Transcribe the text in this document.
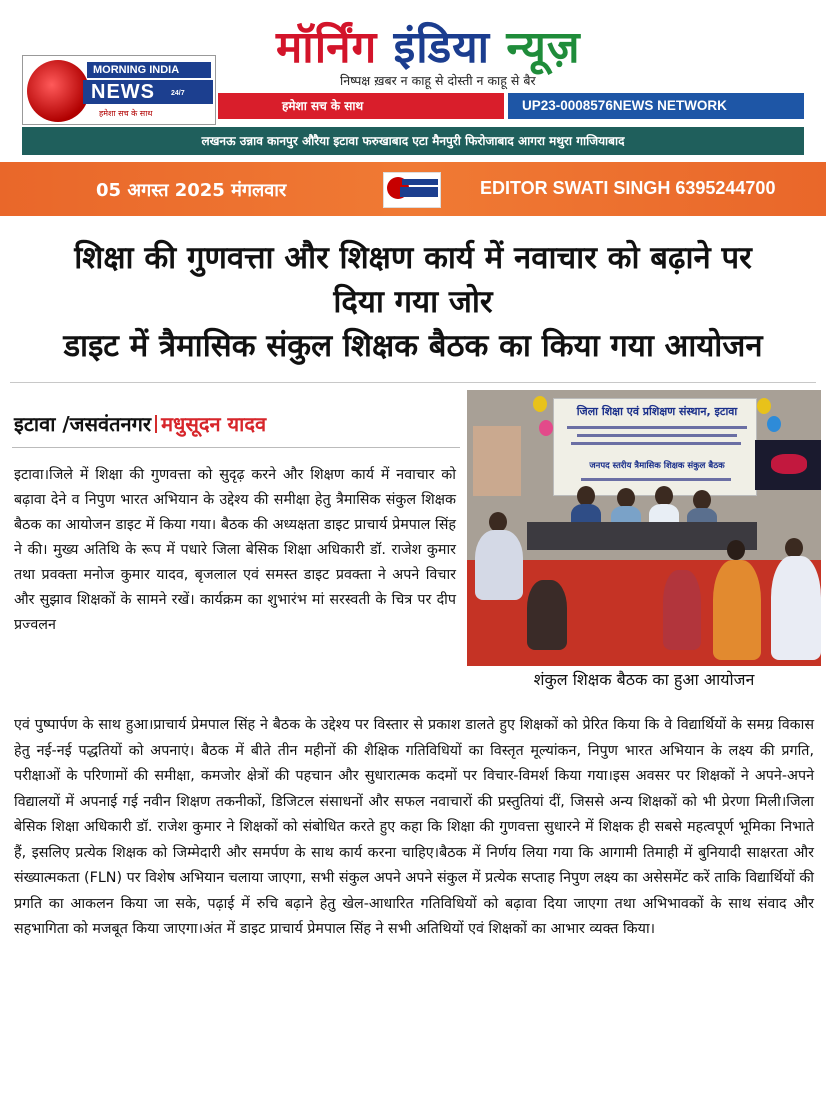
MORNING INDIA
NEWS	24/7
हमेशा सच के साथ
मॉर्निंग इंडिया न्यूज़
निष्पक्ष ख़बर न काहू से दोस्ती न काहू से बैर
हमेशा सच के साथ	UP23-0008576NEWS NETWORK
लखनऊ उन्नाव कानपुर औरैया इटावा फरुखाबाद एटा मैनपुरी फिरोजाबाद आगरा मथुरा गाजियाबाद
05 अगस्त 2025 मंगलवार	EDITOR SWATI SINGH 6395244700
शिक्षा की गुणवत्ता और शिक्षण कार्य में नवाचार को बढ़ाने पर
दिया गया जोर
डाइट में त्रैमासिक संकुल शिक्षक बैठक का किया गया आयोजन
इटावा /जसवंतनगर मधुसूदन यादव
जिला शिक्षा एवं प्रशिक्षण संस्थान, इटावा
जनपद स्तरीय त्रैमासिक शिक्षक संकुल बैठक
शंकुल शिक्षक बैठक का हुआ आयोजन
इटावा।जिले में शिक्षा की गुणवत्ता को सुदृढ़ करने और शिक्षण कार्य में नवाचार को बढ़ावा देने व निपुण भारत अभियान के उद्देश्य की समीक्षा हेतु त्रैमासिक संकुल शिक्षक बैठक का आयोजन डाइट में किया गया। बैठक की अध्यक्षता डाइट प्राचार्य प्रेमपाल सिंह ने की। मुख्य अतिथि के रूप में पधारे जिला बेसिक शिक्षा अधिकारी डॉ. राजेश कुमार तथा प्रवक्ता मनोज कुमार यादव, बृजलाल एवं समस्त डाइट प्रवक्ता ने अपने विचार और सुझाव शिक्षकों के सामने रखें। कार्यक्रम का शुभारंभ मां सरस्वती के चित्र पर दीप प्रज्वलन
एवं पुष्पार्पण के साथ हुआ।प्राचार्य प्रेमपाल सिंह ने बैठक के उद्देश्य पर विस्तार से प्रकाश डालते हुए शिक्षकों को प्रेरित किया कि वे विद्यार्थियों के समग्र विकास हेतु नई-नई पद्धतियों को अपनाएं। बैठक में बीते तीन महीनों की शैक्षिक गतिविधियों का विस्तृत मूल्यांकन, निपुण भारत अभियान के लक्ष्य की प्रगति, परीक्षाओं के परिणामों की समीक्षा, कमजोर क्षेत्रों की पहचान और सुधारात्मक कदमों पर विचार-विमर्श किया गया।इस अवसर पर शिक्षकों ने अपने-अपने विद्यालयों में अपनाई गई नवीन शिक्षण तकनीकों, डिजिटल संसाधनों और सफल नवाचारों की प्रस्तुतियां दीं, जिससे अन्य शिक्षकों को भी प्रेरणा मिली।जिला बेसिक शिक्षा अधिकारी डॉ. राजेश कुमार ने शिक्षकों को संबोधित करते हुए कहा कि शिक्षा की गुणवत्ता सुधारने में शिक्षक ही सबसे महत्वपूर्ण भूमिका निभाते हैं, इसलिए प्रत्येक शिक्षक को जिम्मेदारी और समर्पण के साथ कार्य करना चाहिए।बैठक में निर्णय लिया गया कि आगामी तिमाही में बुनियादी साक्षरता और संख्यात्मकता (FLN) पर विशेष अभियान चलाया जाएगा, सभी संकुल अपने अपने संकुल में प्रत्येक सप्ताह निपुण लक्ष्य का असेसमेंट करें ताकि विद्यार्थियों की प्रगति का आकलन किया जा सके, पढ़ाई में रुचि बढ़ाने हेतु खेल-आधारित गतिविधियों को बढ़ावा दिया जाएगा तथा अभिभावकों के साथ संवाद और सहभागिता को मजबूत किया जाएगा।अंत में डाइट प्राचार्य प्रेमपाल सिंह ने सभी अतिथियों एवं शिक्षकों का आभार व्यक्त किया।
